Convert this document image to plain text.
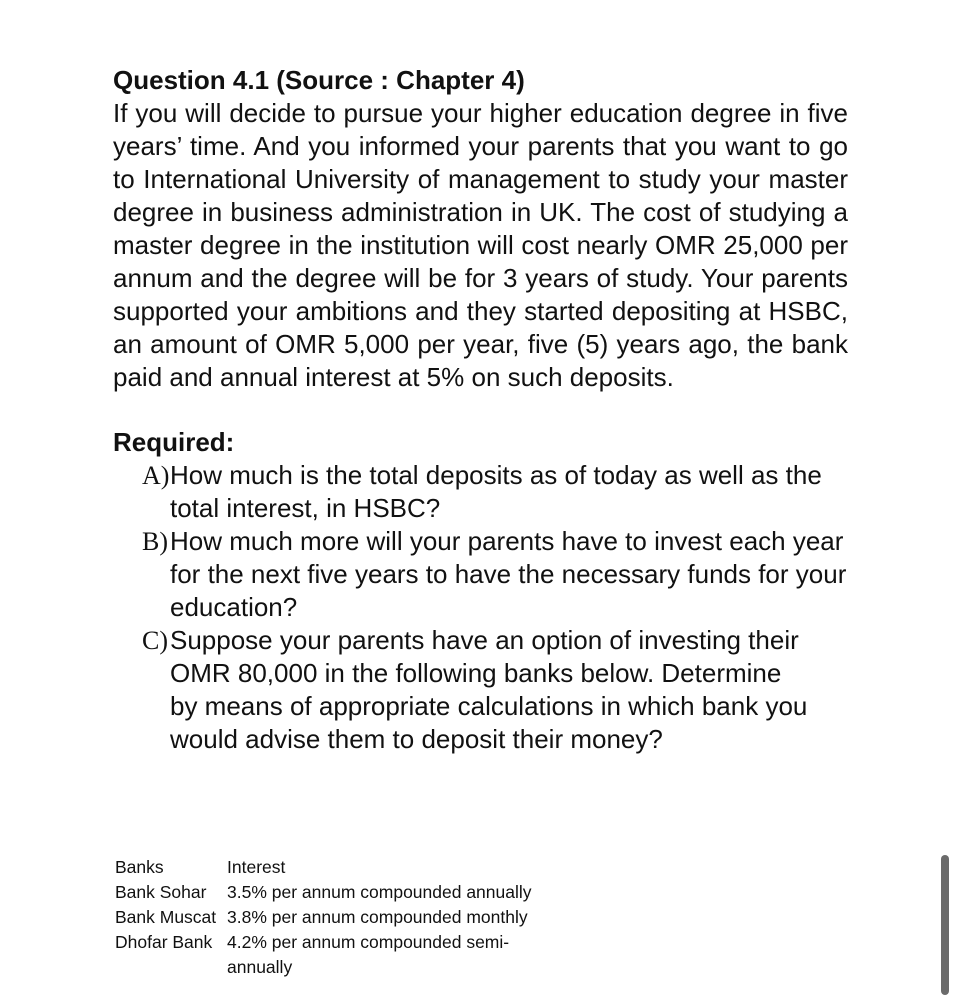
Question 4.1 (Source : Chapter 4)

If you will decide to pursue your higher education degree in five years’ time. And you informed your parents that you want to go to International University of management to study your master degree in business administration in UK. The cost of studying a master degree in the institution will cost nearly OMR 25,000 per annum and the degree will be for 3 years of study. Your parents supported your ambitions and they started depositing at HSBC, an amount of OMR 5,000 per year, five (5) years ago, the bank paid and annual interest at 5% on such deposits.

Required:

A) How much is the total deposits as of today as well as the total interest, in HSBC?
B) How much more will your parents have to invest each year for the next five years to have the necessary funds for your education?
C) Suppose your parents have an option of investing their OMR 80,000 in the following banks below. Determine by means of appropriate calculations in which bank you would advise them to deposit their money?
Banks	Interest
Bank Sohar	3.5% per annum compounded annually
Bank Muscat 3.8% per annum compounded monthly
Dhofar Bank 4.2% per annum compounded semi-annually
